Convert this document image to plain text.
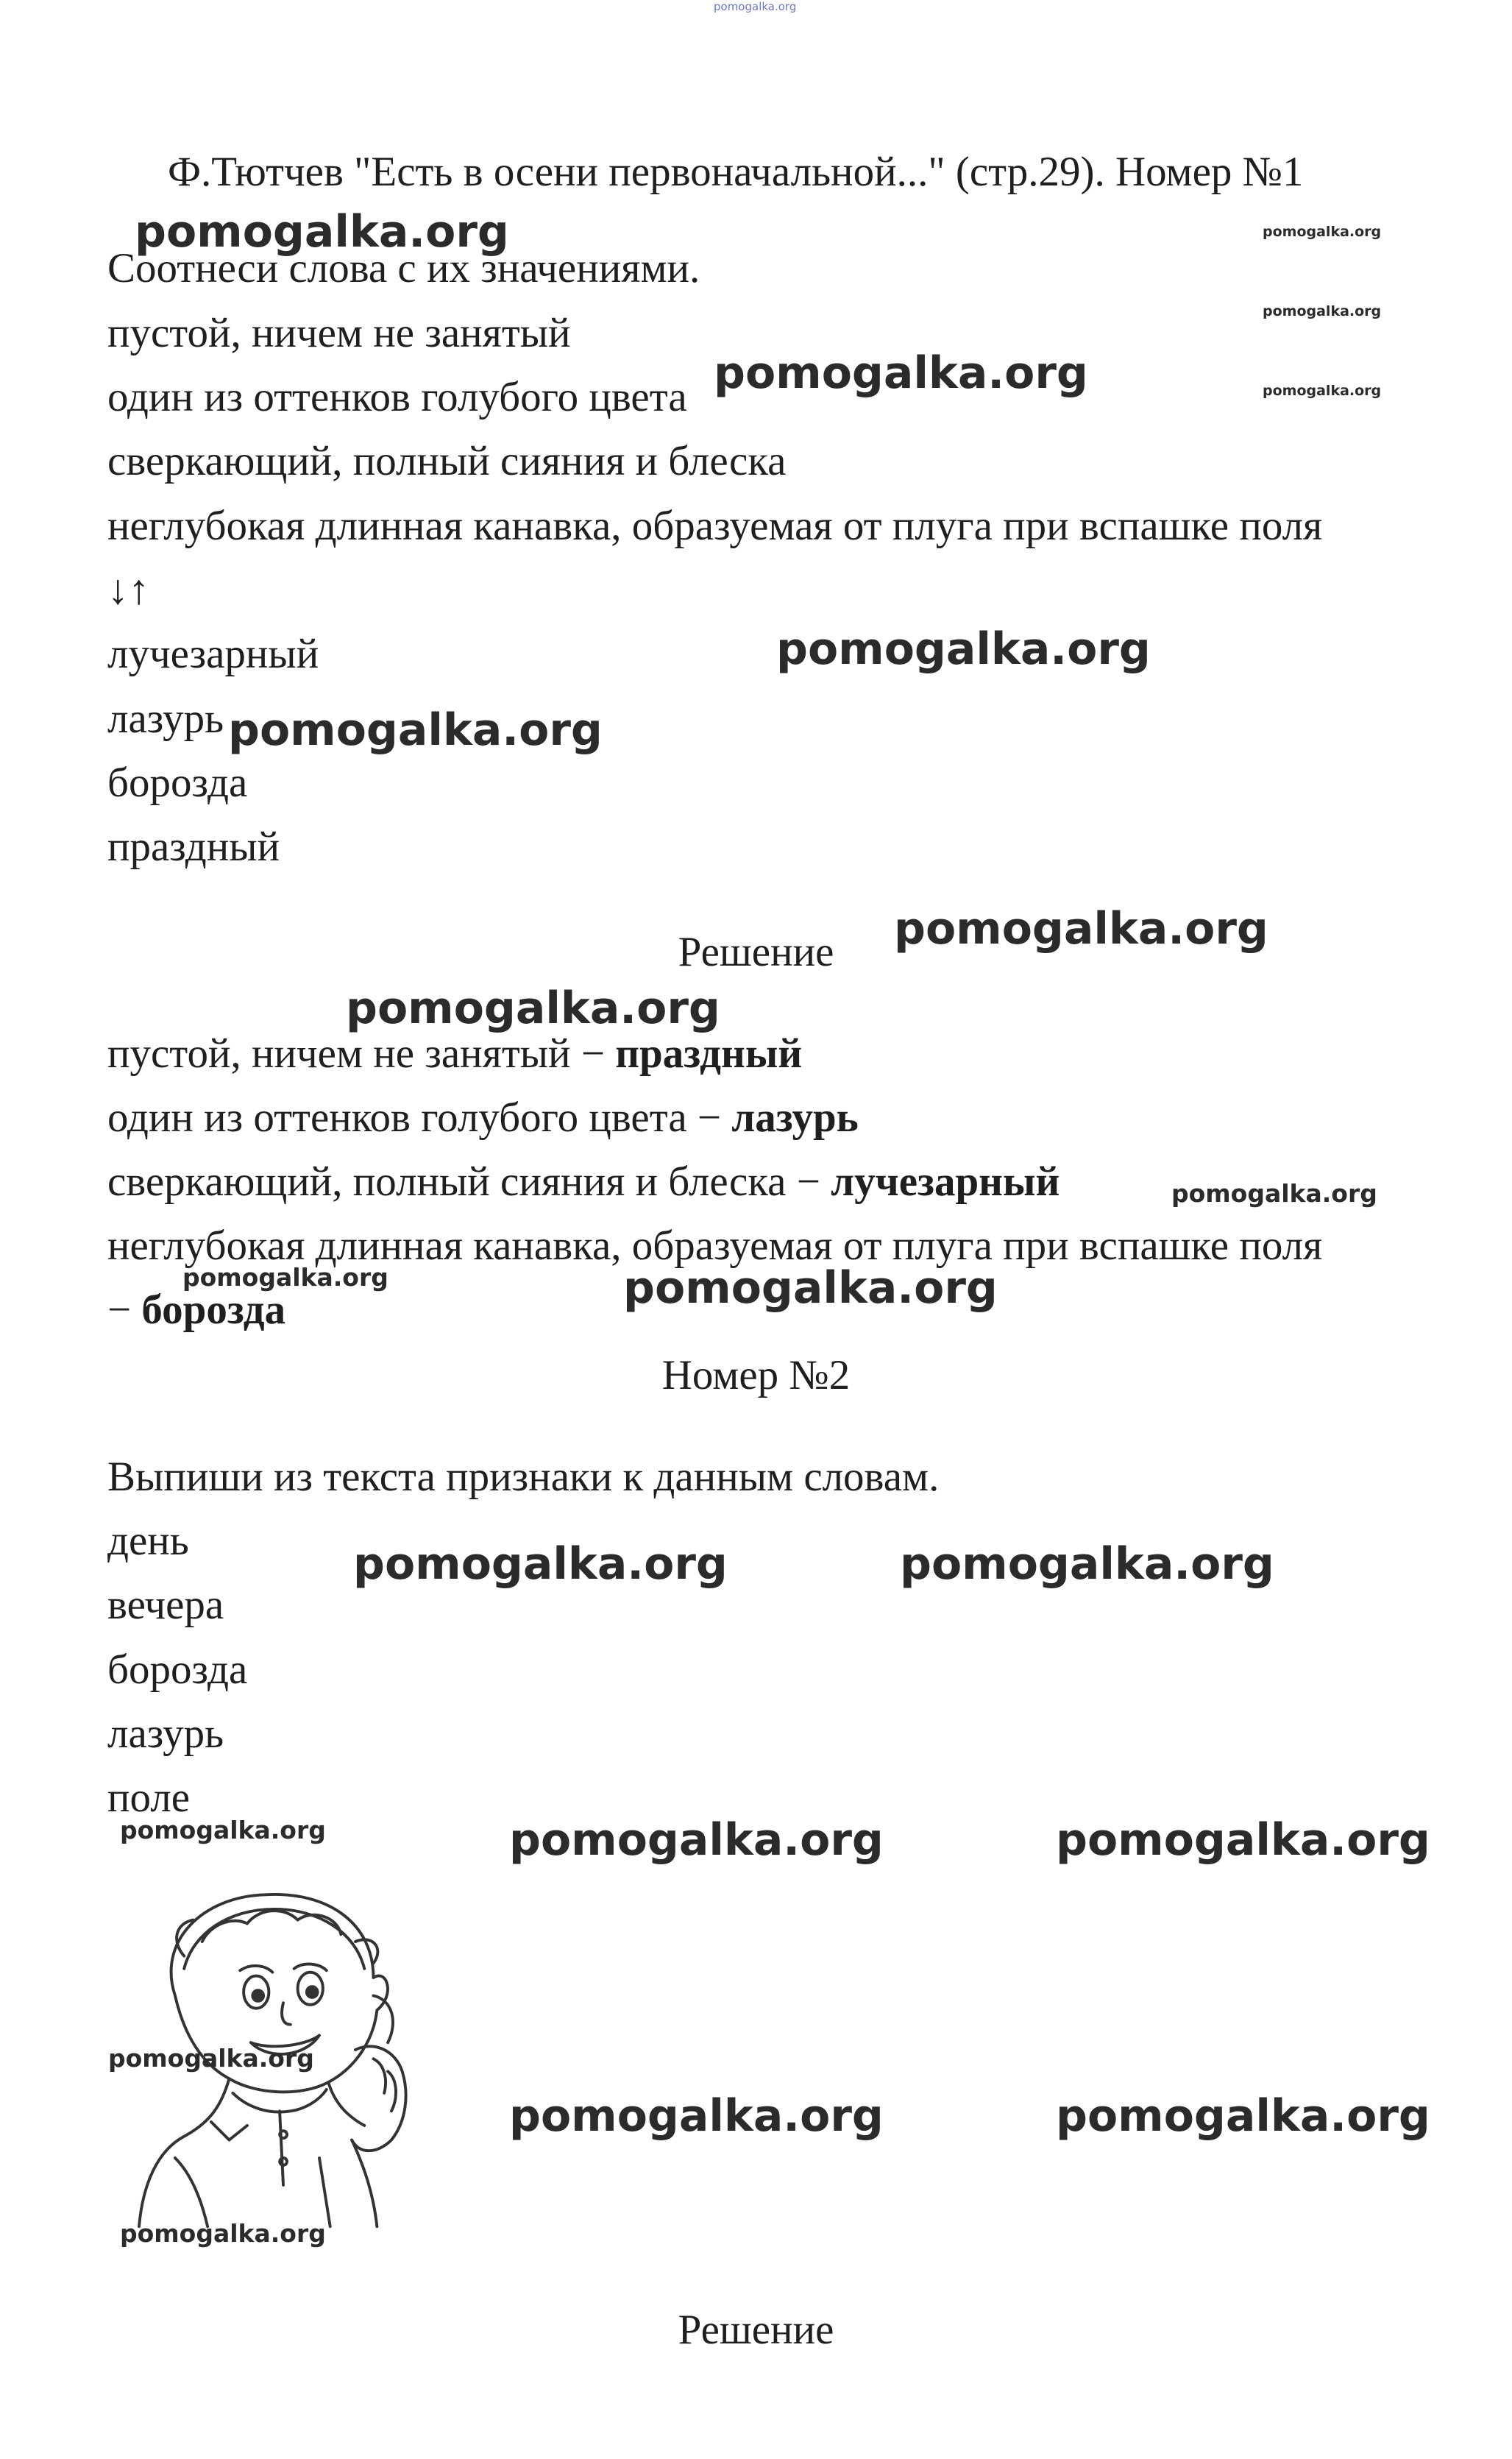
pomogalka.org
Ф.Тютчев "Есть в осени первоначальной..." (стр.29). Номер №1
Соотнеси слова с их значениями.
пустой, ничем не занятый
один из оттенков голубого цвета
сверкающий, полный сияния и блеска
неглубокая длинная канавка, образуемая от плуга при вспашке поля
↓↑
лучезарный
лазурь
борозда
праздный
Решение
пустой, ничем не занятый − праздный
один из оттенков голубого цвета − лазурь
сверкающий, полный сияния и блеска − лучезарный
неглубокая длинная канавка, образуемая от плуга при вспашке поля
− борозда
Номер №2
Выпиши из текста признаки к данным словам.
день
вечера
борозда
лазурь
поле
Решение
pomogalka.org	pomogalka.org
pomogalka.org
pomogalka.org	pomogalka.org
pomogalka.org
pomogalka.org
pomogalka.org
pomogalka.org
pomogalka.org
pomogalka.org
pomogalka.org
pomogalka.org	pomogalka.org
pomogalka.org	pomogalka.org	pomogalka.org
pomogalka.org
pomogalka.org	pomogalka.org
pomogalka.org
